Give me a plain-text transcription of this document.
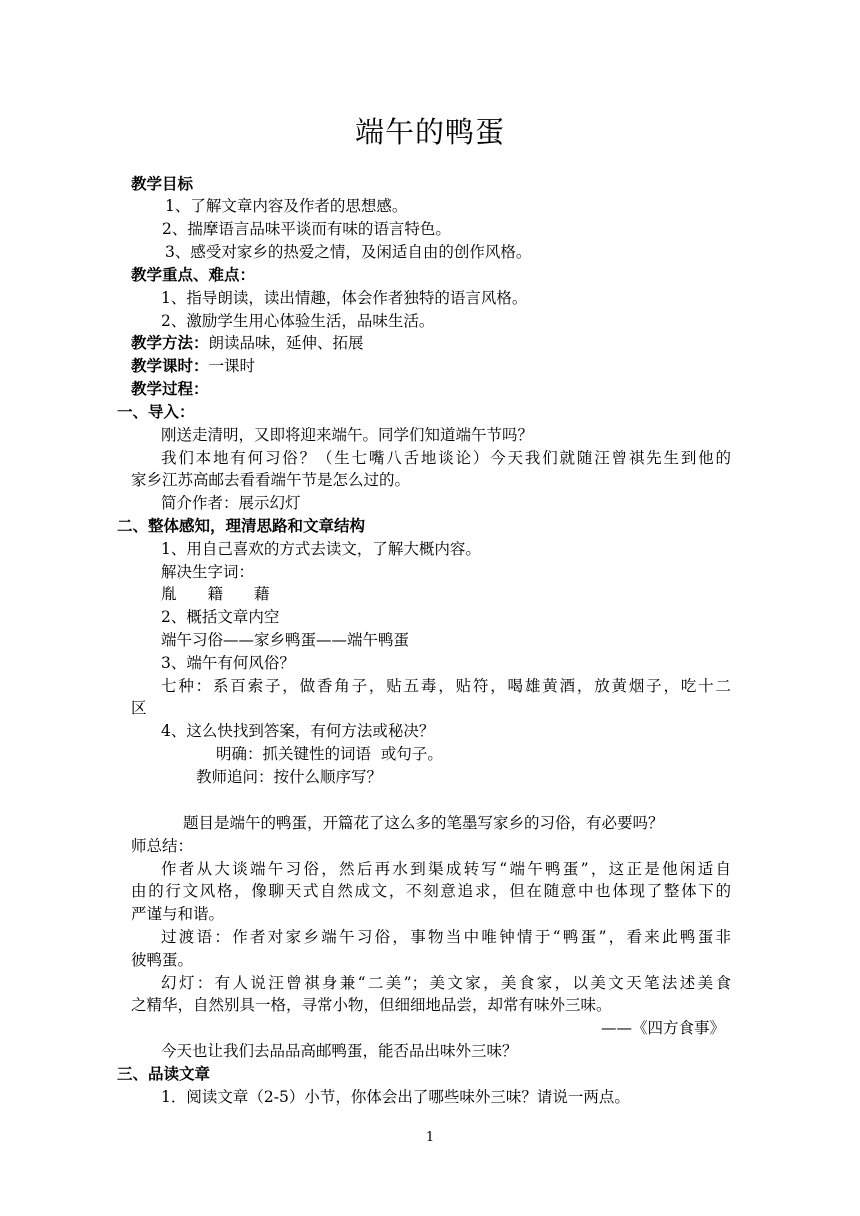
端午的鸭蛋
教学目标
1、了解文章内容及作者的思想感。
2、揣摩语言品味平谈而有味的语言特色。
3、感受对家乡的热爱之情，及闲适自由的创作风格。
教学重点、难点：
1、指导朗读，读出情趣，体会作者独特的语言风格。
2、激励学生用心体验生活，品味生活。
教学方法：朗读品味，延伸、拓展
教学课时：一课时
教学过程：
一、导入：
刚送走清明，又即将迎来端午。同学们知道端午节吗？
我们本地有何习俗？（生七嘴八舌地谈论）今天我们就随汪曾祺先生到他的
家乡江苏高邮去看看端午节是怎么过的。
简介作者：展示幻灯
二、整体感知，理清思路和文章结构
1、用自己喜欢的方式去读文，了解大概内容。
解决生字词：
胤　　籍　　藉
2、概括文章内空
端午习俗——家乡鸭蛋——端午鸭蛋
3、端午有何风俗？
七种：系百索子，做香角子，贴五毒，贴符，喝雄黄酒，放黄烟子，吃十二
区
4、这么快找到答案，有何方法或秘决？
明确：抓关键性的词语  或句子。
教师追问：按什么顺序写？
题目是端午的鸭蛋，开篇花了这么多的笔墨写家乡的习俗，有必要吗？
师总结：
作者从大谈端午习俗，然后再水到渠成转写“端午鸭蛋”，这正是他闲适自
由的行文风格，像聊天式自然成文，不刻意追求，但在随意中也体现了整体下的
严谨与和谐。
过渡语：作者对家乡端午习俗，事物当中唯钟情于“鸭蛋”，看来此鸭蛋非
彼鸭蛋。
幻灯：有人说汪曾祺身兼“二美”；美文家，美食家，以美文天笔法述美食
之精华，自然别具一格，寻常小物，但细细地品尝，却常有味外三味。
——《四方食事》
今天也让我们去品品高邮鸭蛋，能否品出味外三味？
三、品读文章
1．阅读文章（2-5）小节，你体会出了哪些味外三味？请说一两点。
1
